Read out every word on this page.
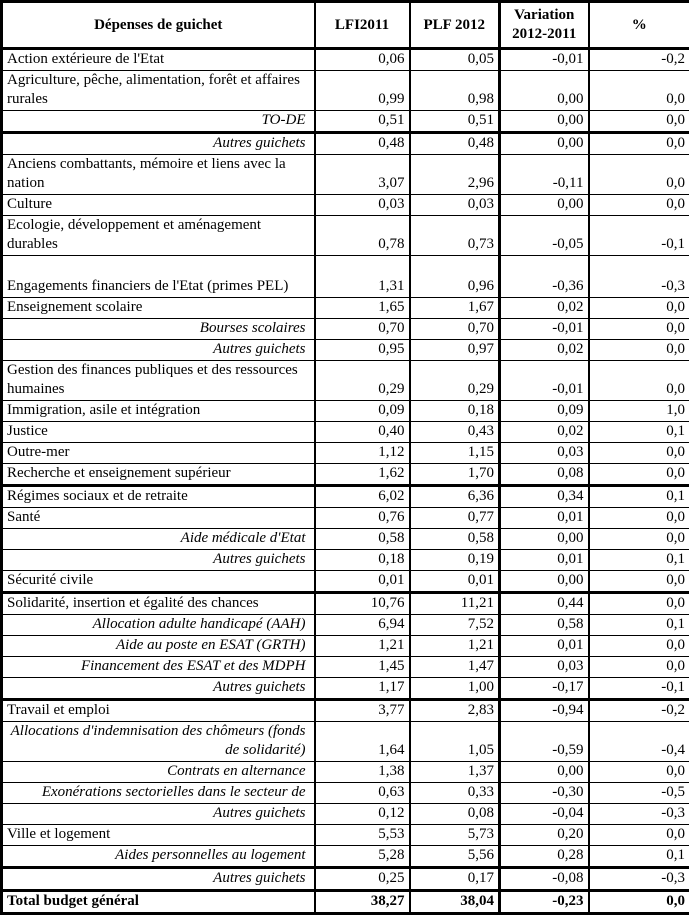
Dépenses de guichet	LFI2011	PLF 2012	Variation 2012-2011	%
Action extérieure de l'Etat	0,06	0,05	-0,01	-0,2
Agriculture, pêche, alimentation, forêt et affaires rurales	0,99	0,98	0,00	0,0
TO-DE	0,51	0,51	0,00	0,0
Autres guichets	0,48	0,48	0,00	0,0
Anciens combattants, mémoire et liens avec la nation	3,07	2,96	-0,11	0,0
Culture	0,03	0,03	0,00	0,0
Ecologie, développement et aménagement durables	0,78	0,73	-0,05	-0,1
Engagements financiers de l'Etat (primes PEL)	1,31	0,96	-0,36	-0,3
Enseignement scolaire	1,65	1,67	0,02	0,0
Bourses scolaires	0,70	0,70	-0,01	0,0
Autres guichets	0,95	0,97	0,02	0,0
Gestion des finances publiques et des ressources humaines	0,29	0,29	-0,01	0,0
Immigration, asile et intégration	0,09	0,18	0,09	1,0
Justice	0,40	0,43	0,02	0,1
Outre-mer	1,12	1,15	0,03	0,0
Recherche et enseignement supérieur	1,62	1,70	0,08	0,0
Régimes sociaux et de retraite	6,02	6,36	0,34	0,1
Santé	0,76	0,77	0,01	0,0
Aide médicale d'Etat	0,58	0,58	0,00	0,0
Autres guichets	0,18	0,19	0,01	0,1
Sécurité civile	0,01	0,01	0,00	0,0
Solidarité, insertion et égalité des chances	10,76	11,21	0,44	0,0
Allocation adulte handicapé (AAH)	6,94	7,52	0,58	0,1
Aide au poste en ESAT (GRTH)	1,21	1,21	0,01	0,0
Financement des ESAT et des MDPH	1,45	1,47	0,03	0,0
Autres guichets	1,17	1,00	-0,17	-0,1
Travail et emploi	3,77	2,83	-0,94	-0,2
Allocations d'indemnisation des chômeurs (fonds de solidarité)	1,64	1,05	-0,59	-0,4
Contrats en alternance	1,38	1,37	0,00	0,0
Exonérations sectorielles dans le secteur de	0,63	0,33	-0,30	-0,5
Autres guichets	0,12	0,08	-0,04	-0,3
Ville et logement	5,53	5,73	0,20	0,0
Aides personnelles au logement	5,28	5,56	0,28	0,1
Autres guichets	0,25	0,17	-0,08	-0,3
Total budget général	38,27	38,04	-0,23	0,0
